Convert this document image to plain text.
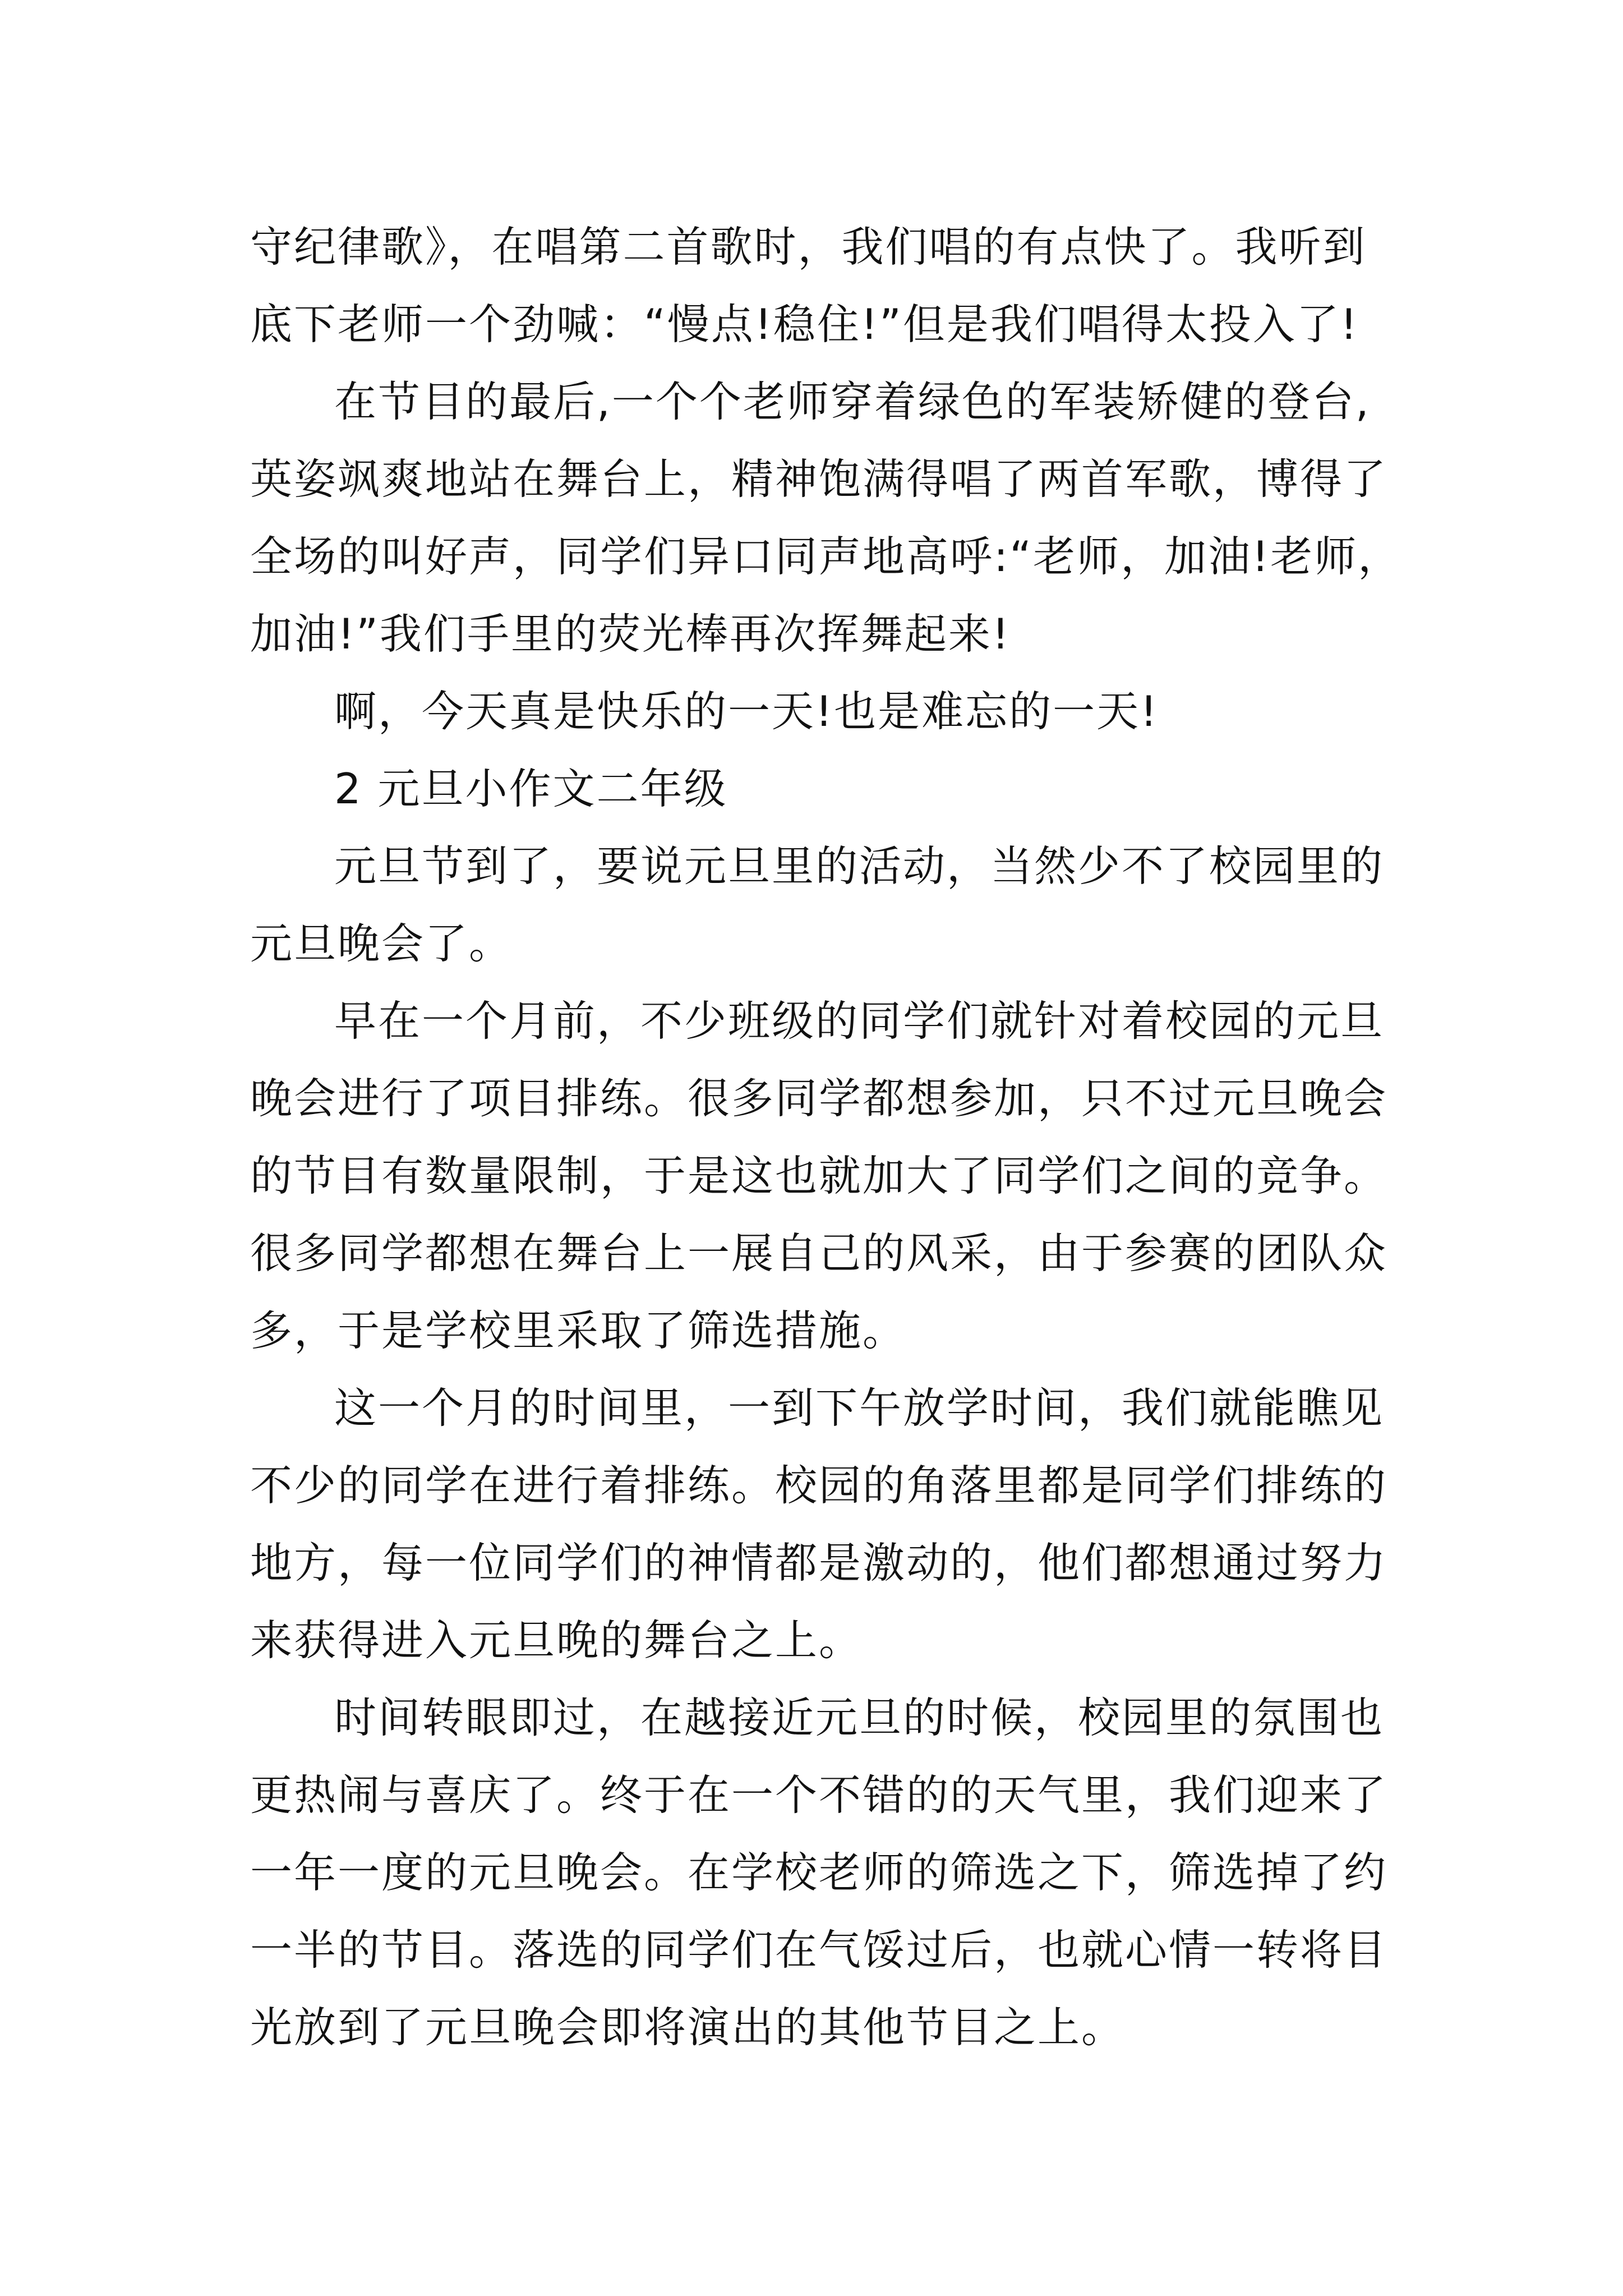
守纪律歌》，在唱第二首歌时，我们唱的有点快了。我听到
底下老师一个劲喊：“慢点!稳住!”但是我们唱得太投入了!
在节目的最后,一个个老师穿着绿色的军装矫健的登台,
英姿飒爽地站在舞台上，精神饱满得唱了两首军歌，博得了
全场的叫好声，同学们异口同声地高呼:“老师，加油!老师，
加油!”我们手里的荧光棒再次挥舞起来!
啊，今天真是快乐的一天!也是难忘的一天!
2 元旦小作文二年级
元旦节到了，要说元旦里的活动，当然少不了校园里的
元旦晚会了。
早在一个月前，不少班级的同学们就针对着校园的元旦
晚会进行了项目排练。很多同学都想参加，只不过元旦晚会
的节目有数量限制，于是这也就加大了同学们之间的竞争。
很多同学都想在舞台上一展自己的风采，由于参赛的团队众
多，于是学校里采取了筛选措施。
这一个月的时间里，一到下午放学时间，我们就能瞧见
不少的同学在进行着排练。校园的角落里都是同学们排练的
地方，每一位同学们的神情都是激动的，他们都想通过努力
来获得进入元旦晚的舞台之上。
时间转眼即过，在越接近元旦的时候，校园里的氛围也
更热闹与喜庆了。终于在一个不错的的天气里，我们迎来了
一年一度的元旦晚会。在学校老师的筛选之下，筛选掉了约
一半的节目。落选的同学们在气馁过后，也就心情一转将目
光放到了元旦晚会即将演出的其他节目之上。
